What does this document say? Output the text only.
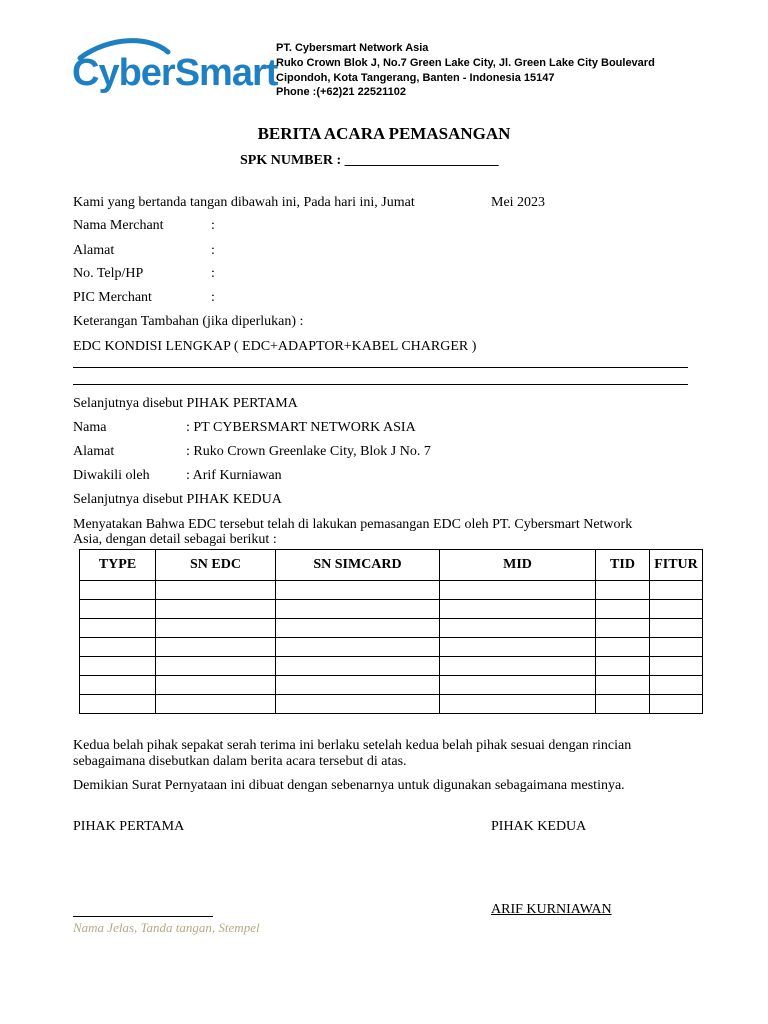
CyberSmart
PT. Cybersmart Network Asia
Ruko Crown Blok J, No.7 Green Lake City, Jl. Green Lake City Boulevard
Cipondoh, Kota Tangerang, Banten - Indonesia 15147
Phone :(+62)21 22521102
BERITA ACARA PEMASANGAN
SPK NUMBER : ______________________
Kami yang bertanda tangan dibawah ini, Pada hari ini, Jumat	Mei 2023
Nama Merchant	:
Alamat	:
No. Telp/HP	:
PIC Merchant	:
Keterangan Tambahan (jika diperlukan) :
EDC KONDISI LENGKAP ( EDC+ADAPTOR+KABEL CHARGER )
Selanjutnya disebut PIHAK PERTAMA
Nama	: PT CYBERSMART NETWORK ASIA
Alamat	: Ruko Crown Greenlake City, Blok J No. 7
Diwakili oleh	: Arif Kurniawan
Selanjutnya disebut PIHAK KEDUA
Menyatakan Bahwa EDC tersebut telah di lakukan pemasangan EDC oleh PT. Cybersmart Network
Asia, dengan detail sebagai berikut :
TYPE	SN EDC	SN SIMCARD	MID	TID	FITUR

Kedua belah pihak sepakat serah terima ini berlaku setelah kedua belah pihak sesuai dengan rincian
sebagaimana disebutkan dalam berita acara tersebut di atas.
Demikian Surat Pernyataan ini dibuat dengan sebenarnya untuk digunakan sebagaimana mestinya.
PIHAK PERTAMA	PIHAK KEDUA
Nama Jelas, Tanda tangan, Stempel
ARIF KURNIAWAN
